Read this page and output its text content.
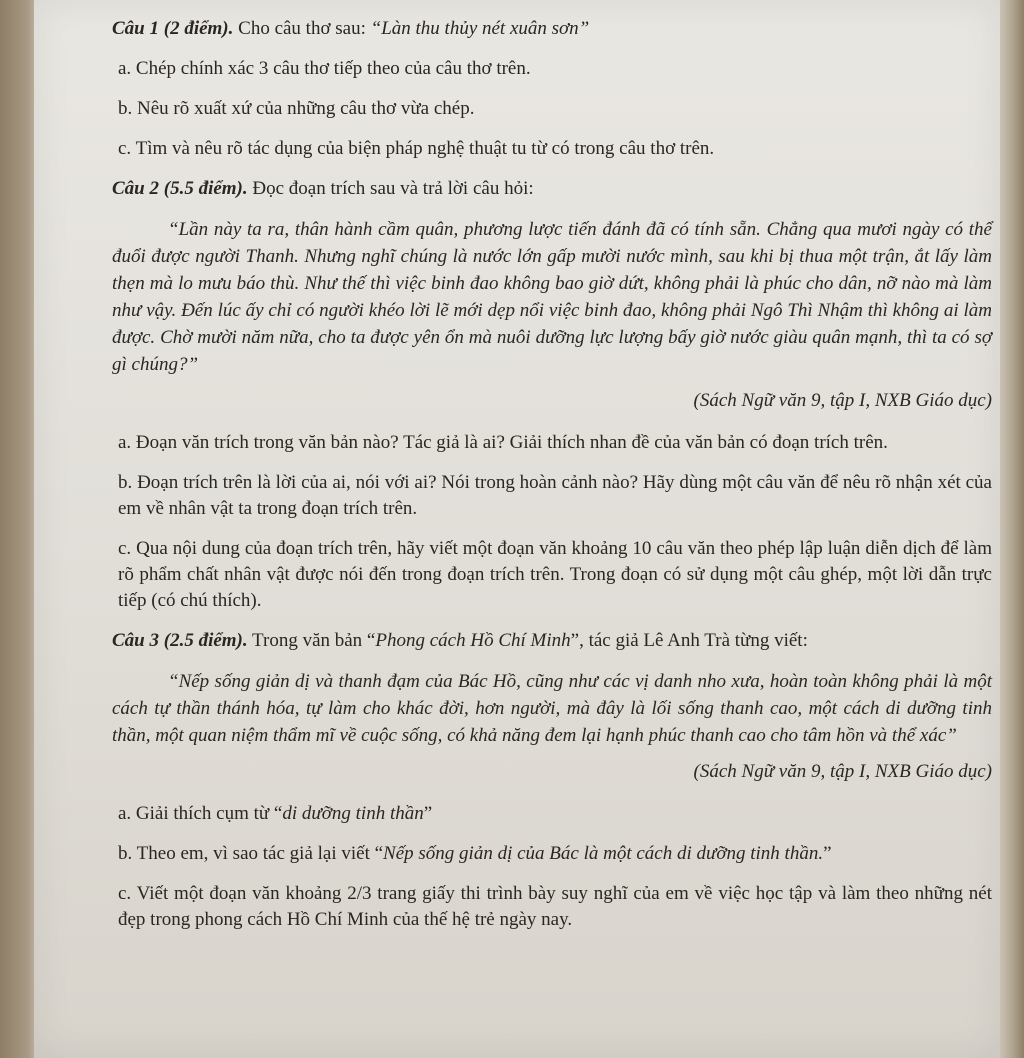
Câu 1 (2 điểm). Cho câu thơ sau: “Làn thu thủy nét xuân sơn”

a. Chép chính xác 3 câu thơ tiếp theo của câu thơ trên.

b. Nêu rõ xuất xứ của những câu thơ vừa chép.

c. Tìm và nêu rõ tác dụng của biện pháp nghệ thuật tu từ có trong câu thơ trên.

Câu 2 (5.5 điểm). Đọc đoạn trích sau và trả lời câu hỏi:

“Lần này ta ra, thân hành cầm quân, phương lược tiến đánh đã có tính sẵn. Chẳng qua mươi ngày có thể đuổi được người Thanh. Nhưng nghĩ chúng là nước lớn gấp mười nước mình, sau khi bị thua một trận, ắt lấy làm thẹn mà lo mưu báo thù. Như thế thì việc binh đao không bao giờ dứt, không phải là phúc cho dân, nỡ nào mà làm như vậy. Đến lúc ấy chỉ có người khéo lời lẽ mới dẹp nổi việc binh đao, không phải Ngô Thì Nhậm thì không ai làm được. Chờ mười năm nữa, cho ta được yên ổn mà nuôi dưỡng lực lượng bấy giờ nước giàu quân mạnh, thì ta có sợ gì chúng?”

(Sách Ngữ văn 9, tập I, NXB Giáo dục)

a. Đoạn văn trích trong văn bản nào? Tác giả là ai? Giải thích nhan đề của văn bản có đoạn trích trên.

b. Đoạn trích trên là lời của ai, nói với ai? Nói trong hoàn cảnh nào? Hãy dùng một câu văn để nêu rõ nhận xét của em về nhân vật ta trong đoạn trích trên.

c. Qua nội dung của đoạn trích trên, hãy viết một đoạn văn khoảng 10 câu văn theo phép lập luận diễn dịch để làm rõ phẩm chất nhân vật được nói đến trong đoạn trích trên. Trong đoạn có sử dụng một câu ghép, một lời dẫn trực tiếp (có chú thích).

Câu 3 (2.5 điểm). Trong văn bản “Phong cách Hồ Chí Minh”, tác giả Lê Anh Trà từng viết:

“Nếp sống giản dị và thanh đạm của Bác Hồ, cũng như các vị danh nho xưa, hoàn toàn không phải là một cách tự thần thánh hóa, tự làm cho khác đời, hơn người, mà đây là lối sống thanh cao, một cách di dưỡng tinh thần, một quan niệm thẩm mĩ về cuộc sống, có khả năng đem lại hạnh phúc thanh cao cho tâm hồn và thể xác”

(Sách Ngữ văn 9, tập I, NXB Giáo dục)

a. Giải thích cụm từ “di dưỡng tinh thần”

b. Theo em, vì sao tác giả lại viết “Nếp sống giản dị của Bác là một cách di dưỡng tinh thần.”

c. Viết một đoạn văn khoảng 2/3 trang giấy thi trình bày suy nghĩ của em về việc học tập và làm theo những nét đẹp trong phong cách Hồ Chí Minh của thế hệ trẻ ngày nay.
